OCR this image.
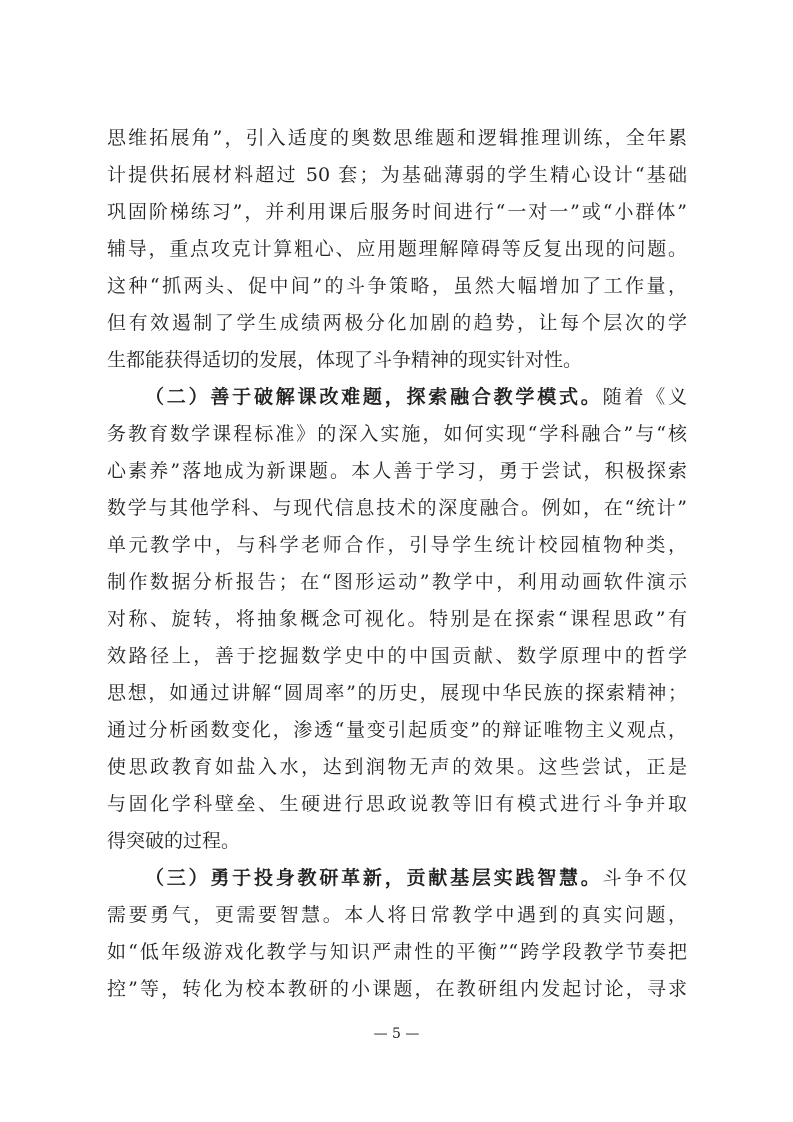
思维拓展角”，引入适度的奥数思维题和逻辑推理训练，全年累
计提供拓展材料超过 50 套；为基础薄弱的学生精心设计“基础
巩固阶梯练习”，并利用课后服务时间进行“一对一”或“小群体”
辅导，重点攻克计算粗心、应用题理解障碍等反复出现的问题。
这种“抓两头、促中间”的斗争策略，虽然大幅增加了工作量，
但有效遏制了学生成绩两极分化加剧的趋势，让每个层次的学
生都能获得适切的发展，体现了斗争精神的现实针对性。
（二）善于破解课改难题，探索融合教学模式。随着《义
务教育数学课程标准》的深入实施，如何实现“学科融合”与“核
心素养”落地成为新课题。本人善于学习，勇于尝试，积极探索
数学与其他学科、与现代信息技术的深度融合。例如，在“统计”
单元教学中，与科学老师合作，引导学生统计校园植物种类，
制作数据分析报告；在“图形运动”教学中，利用动画软件演示
对称、旋转，将抽象概念可视化。特别是在探索“课程思政”有
效路径上，善于挖掘数学史中的中国贡献、数学原理中的哲学
思想，如通过讲解“圆周率”的历史，展现中华民族的探索精神；
通过分析函数变化，渗透“量变引起质变”的辩证唯物主义观点，
使思政教育如盐入水，达到润物无声的效果。这些尝试，正是
与固化学科壁垒、生硬进行思政说教等旧有模式进行斗争并取
得突破的过程。
（三）勇于投身教研革新，贡献基层实践智慧。斗争不仅
需要勇气，更需要智慧。本人将日常教学中遇到的真实问题，
如“低年级游戏化教学与知识严肃性的平衡”“跨学段教学节奏把
控”等，转化为校本教研的小课题，在教研组内发起讨论，寻求
— 5 —
